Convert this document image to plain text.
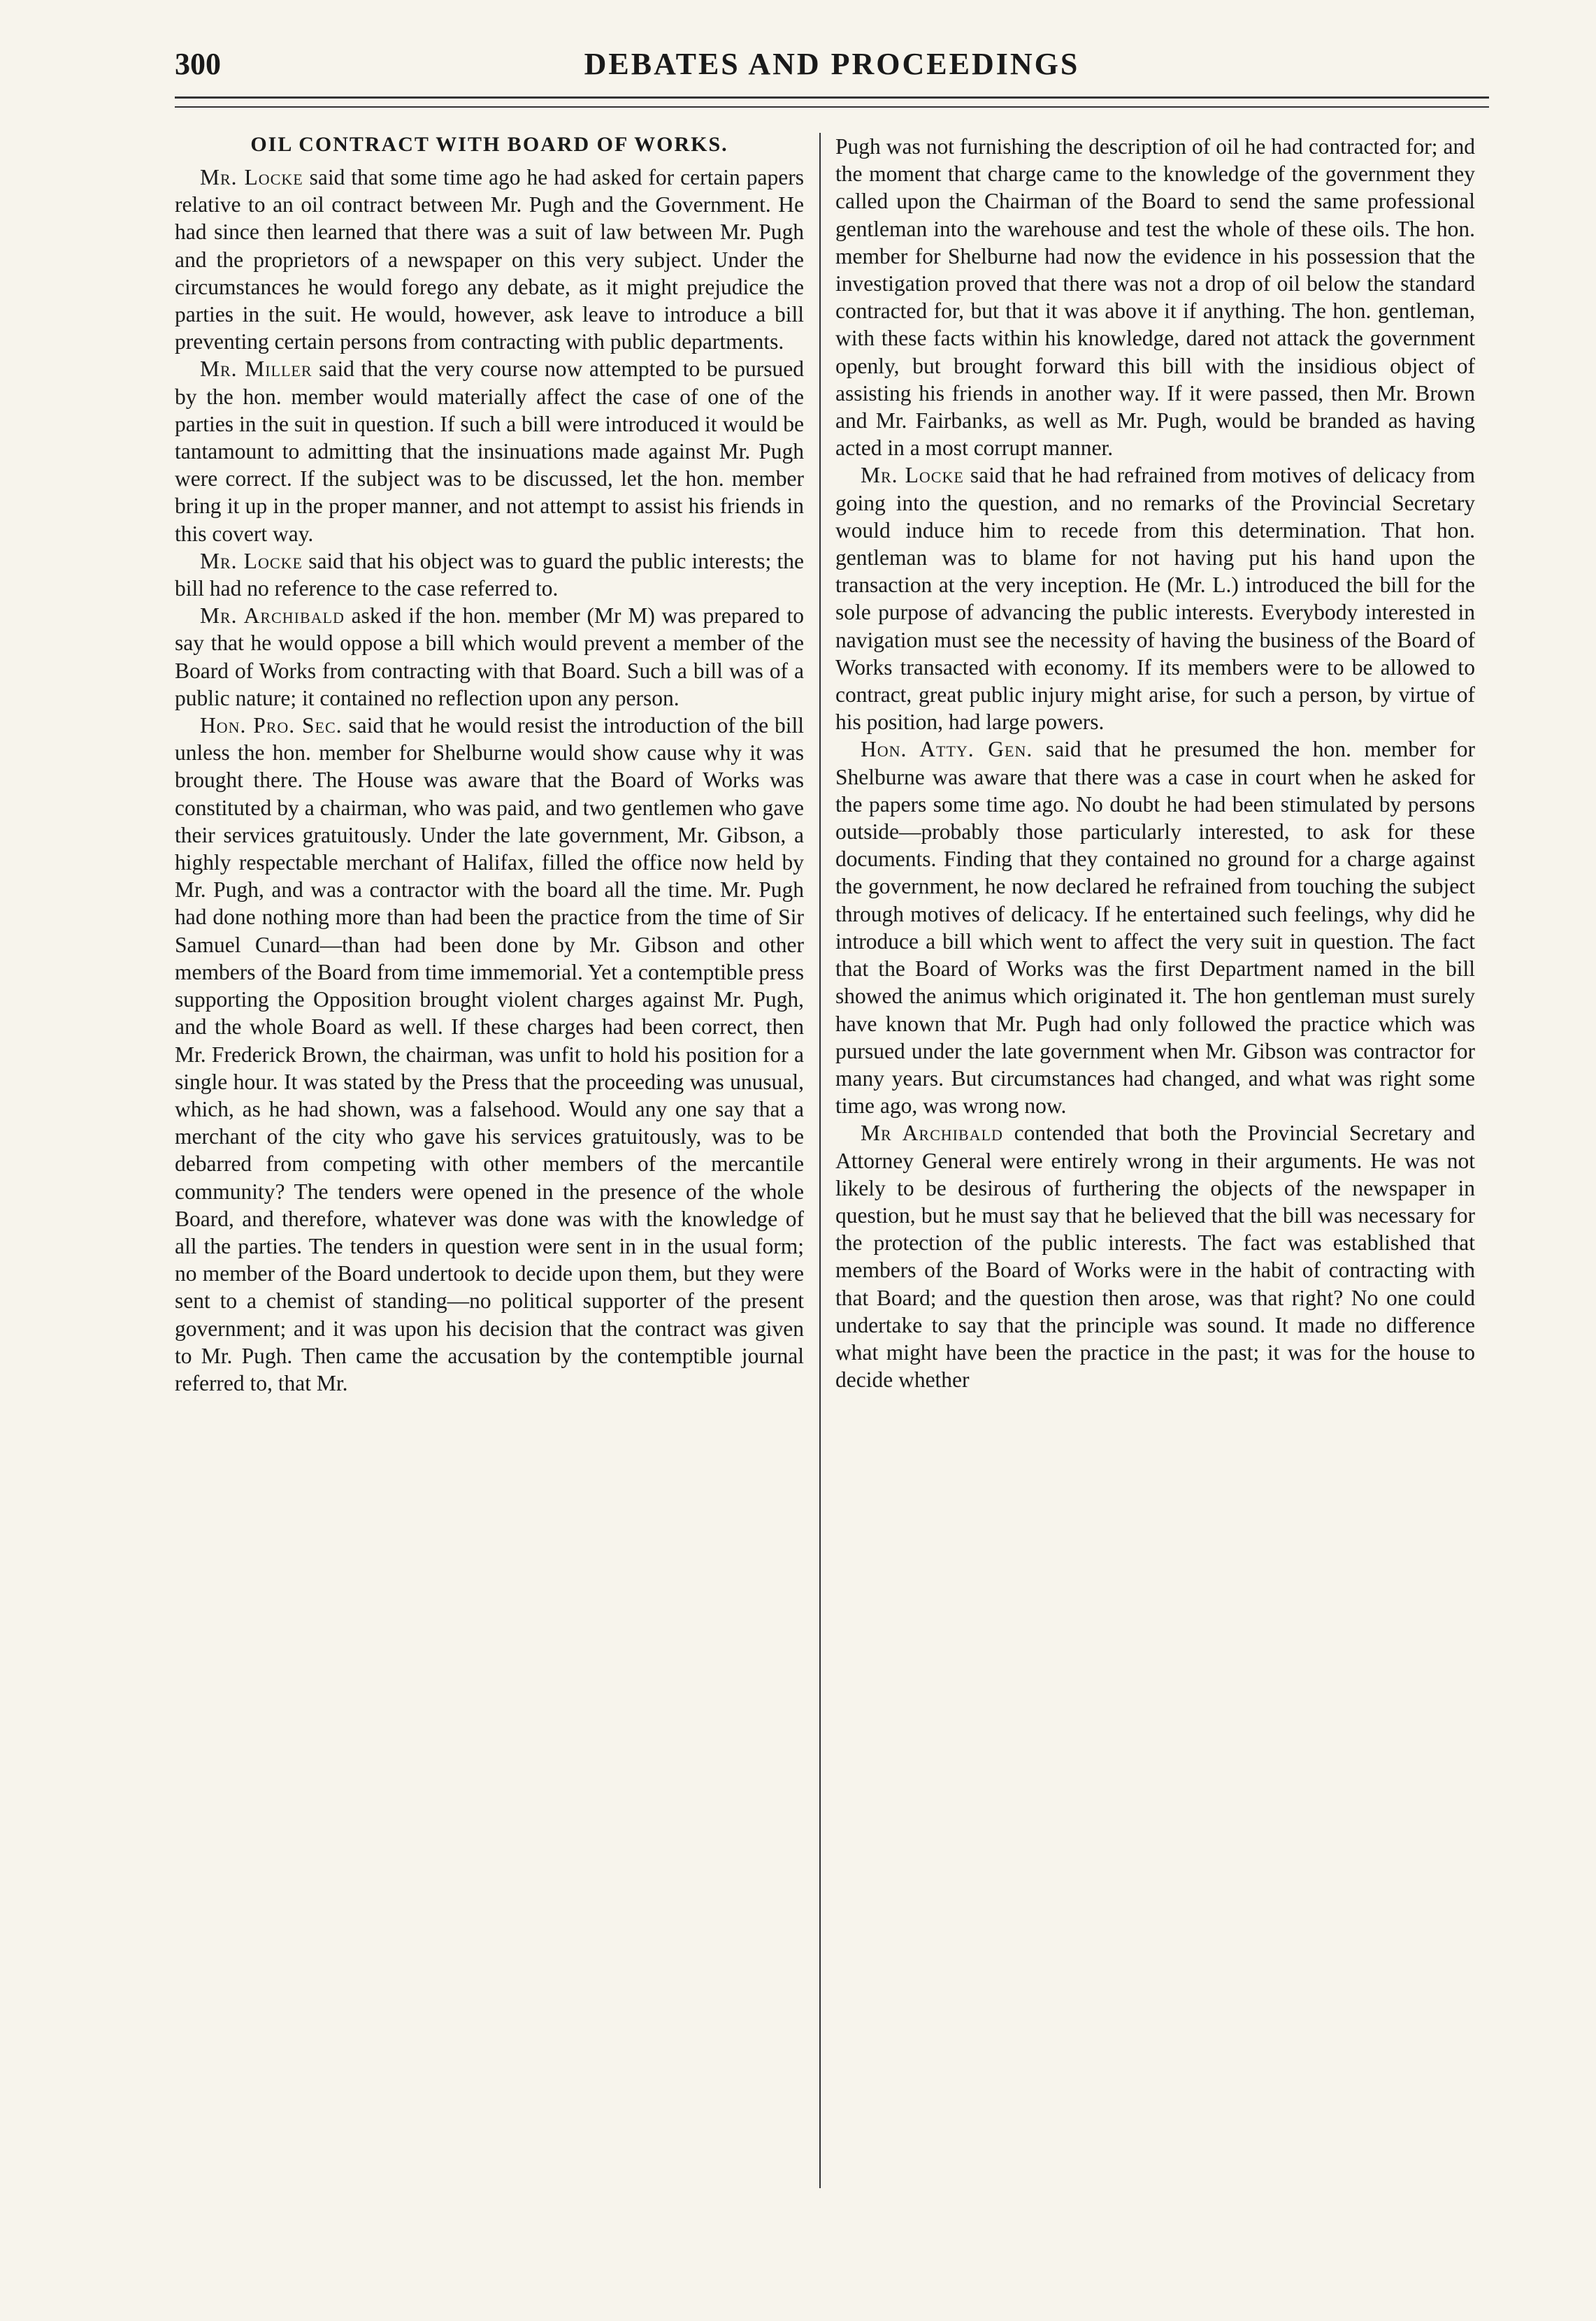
300	DEBATES AND PROCEEDINGS
OIL CONTRACT WITH BOARD OF WORKS.

Mr. Locke said that some time ago he had asked for certain papers relative to an oil contract between Mr. Pugh and the Government. He had since then learned that there was a suit of law between Mr. Pugh and the proprietors of a newspaper on this very subject. Under the circumstances he would forego any debate, as it might prejudice the parties in the suit. He would, however, ask leave to introduce a bill preventing certain persons from contracting with public departments.

Mr. Miller said that the very course now attempted to be pursued by the hon. member would materially affect the case of one of the parties in the suit in question. If such a bill were introduced it would be tantamount to admitting that the insinuations made against Mr. Pugh were correct. If the subject was to be discussed, let the hon. member bring it up in the proper manner, and not attempt to assist his friends in this covert way.

Mr. Locke said that his object was to guard the public interests; the bill had no reference to the case referred to.

Mr. Archibald asked if the hon. member (Mr M) was prepared to say that he would oppose a bill which would prevent a member of the Board of Works from contracting with that Board. Such a bill was of a public nature; it contained no reflection upon any person.

Hon. Pro. Sec. said that he would resist the introduction of the bill unless the hon. member for Shelburne would show cause why it was brought there. The House was aware that the Board of Works was constituted by a chairman, who was paid, and two gentlemen who gave their services gratuitously. Under the late government, Mr. Gibson, a highly respectable merchant of Halifax, filled the office now held by Mr. Pugh, and was a contractor with the board all the time. Mr. Pugh had done nothing more than had been the practice from the time of Sir Samuel Cunard—than had been done by Mr. Gibson and other members of the Board from time immemorial. Yet a contemptible press supporting the Opposition brought violent charges against Mr. Pugh, and the whole Board as well. If these charges had been correct, then Mr. Frederick Brown, the chairman, was unfit to hold his position for a single hour. It was stated by the Press that the proceeding was unusual, which, as he had shown, was a falsehood. Would any one say that a merchant of the city who gave his services gratuitously, was to be debarred from competing with other members of the mercantile community? The tenders were opened in the presence of the whole Board, and therefore, whatever was done was with the knowledge of all the parties. The tenders in question were sent in in the usual form; no member of the Board undertook to decide upon them, but they were sent to a chemist of standing—no political supporter of the present government; and it was upon his decision that the contract was given to Mr. Pugh. Then came the accusation by the contemptible journal referred to, that Mr.

Pugh was not furnishing the description of oil he had contracted for; and the moment that charge came to the knowledge of the government they called upon the Chairman of the Board to send the same professional gentleman into the warehouse and test the whole of these oils. The hon. member for Shelburne had now the evidence in his possession that the investigation proved that there was not a drop of oil below the standard contracted for, but that it was above it if anything. The hon. gentleman, with these facts within his knowledge, dared not attack the government openly, but brought forward this bill with the insidious object of assisting his friends in another way. If it were passed, then Mr. Brown and Mr. Fairbanks, as well as Mr. Pugh, would be branded as having acted in a most corrupt manner.

Mr. Locke said that he had refrained from motives of delicacy from going into the question, and no remarks of the Provincial Secretary would induce him to recede from this determination. That hon. gentleman was to blame for not having put his hand upon the transaction at the very inception. He (Mr. L.) introduced the bill for the sole purpose of advancing the public interests. Everybody interested in navigation must see the necessity of having the business of the Board of Works transacted with economy. If its members were to be allowed to contract, great public injury might arise, for such a person, by virtue of his position, had large powers.

Hon. Atty. Gen. said that he presumed the hon. member for Shelburne was aware that there was a case in court when he asked for the papers some time ago. No doubt he had been stimulated by persons outside—probably those particularly interested, to ask for these documents. Finding that they contained no ground for a charge against the government, he now declared he refrained from touching the subject through motives of delicacy. If he entertained such feelings, why did he introduce a bill which went to affect the very suit in question. The fact that the Board of Works was the first Department named in the bill showed the animus which originated it. The hon gentleman must surely have known that Mr. Pugh had only followed the practice which was pursued under the late government when Mr. Gibson was contractor for many years. But circumstances had changed, and what was right some time ago, was wrong now.

Mr Archibald contended that both the Provincial Secretary and Attorney General were entirely wrong in their arguments. He was not likely to be desirous of furthering the objects of the newspaper in question, but he must say that he believed that the bill was necessary for the protection of the public interests. The fact was established that members of the Board of Works were in the habit of contracting with that Board; and the question then arose, was that right? No one could undertake to say that the principle was sound. It made no difference what might have been the practice in the past; it was for the house to decide whether
